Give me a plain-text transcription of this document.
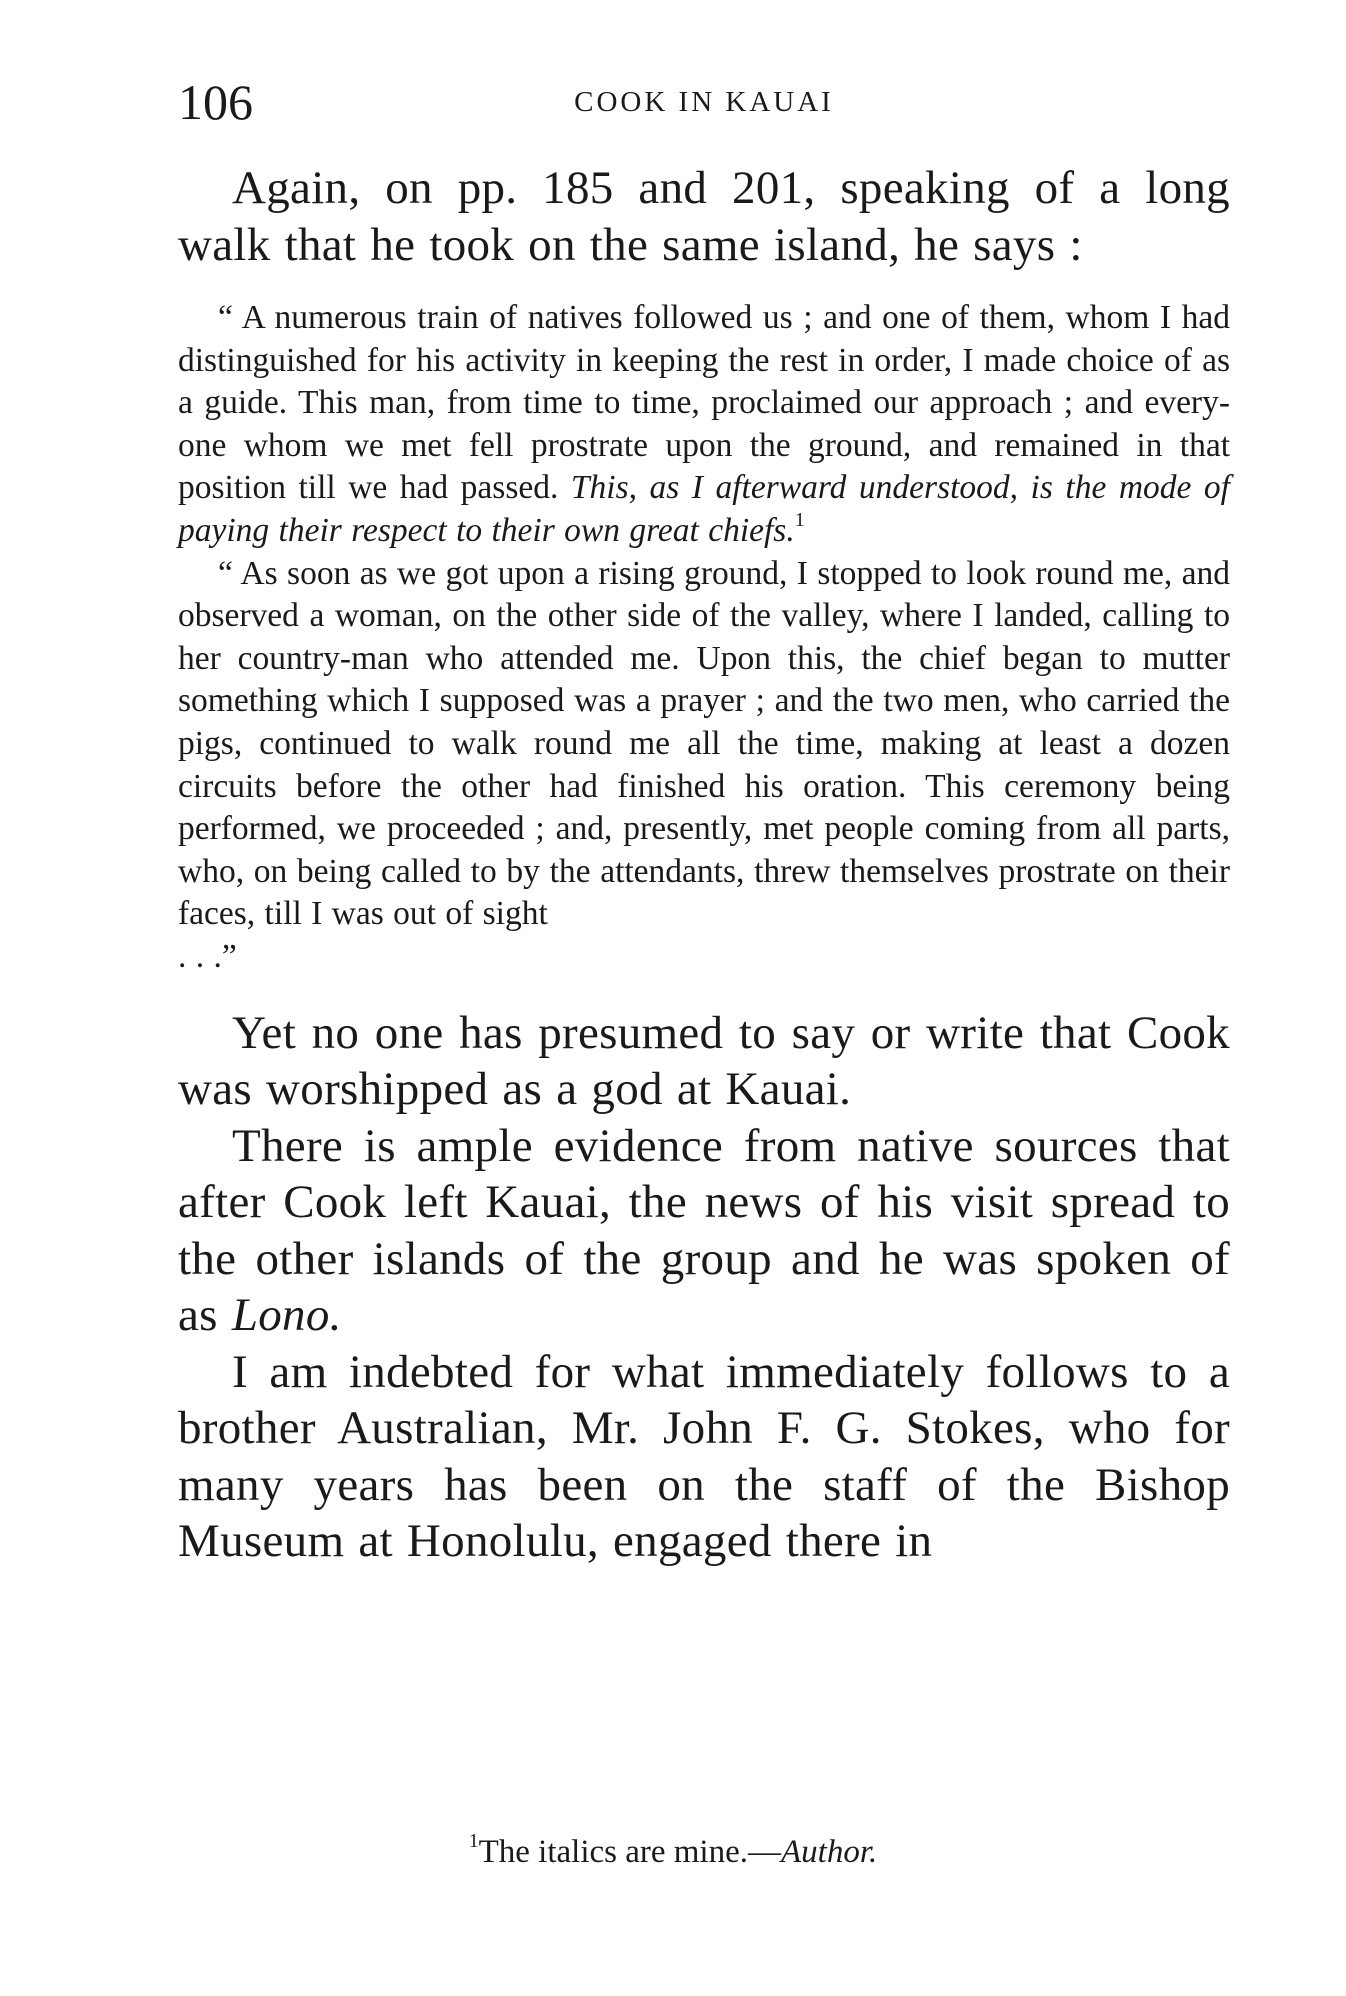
106	COOK IN KAUAI

Again, on pp. 185 and 201, speaking of a long walk that he took on the same island, he says :

“ A numerous train of natives followed us ; and one of them, whom I had distinguished for his activity in keeping the rest in order, I made choice of as a guide. This man, from time to time, proclaimed our approach ; and every-one whom we met fell prostrate upon the ground, and remained in that position till we had passed. This, as I afterward understood, is the mode of paying their respect to their own great chiefs.$^1$

“ As soon as we got upon a rising ground, I stopped to look round me, and observed a woman, on the other side of the valley, where I landed, calling to her country-man who attended me. Upon this, the chief began to mutter something which I supposed was a prayer ; and the two men, who carried the pigs, continued to walk round me all the time, making at least a dozen circuits before the other had finished his oration. This ceremony being performed, we proceeded ; and, presently, met people coming from all parts, who, on being called to by the attendants, threw themselves prostrate on their faces, till I was out of sight
. . .”

Yet no one has presumed to say or write that Cook was worshipped as a god at Kauai.

There is ample evidence from native sources that after Cook left Kauai, the news of his visit spread to the other islands of the group and he was spoken of as Lono.

I am indebted for what immediately follows to a brother Australian, Mr. John F. G. Stokes, who for many years has been on the staff of the Bishop Museum at Honolulu, engaged there in

$^1$The italics are mine.—Author.
